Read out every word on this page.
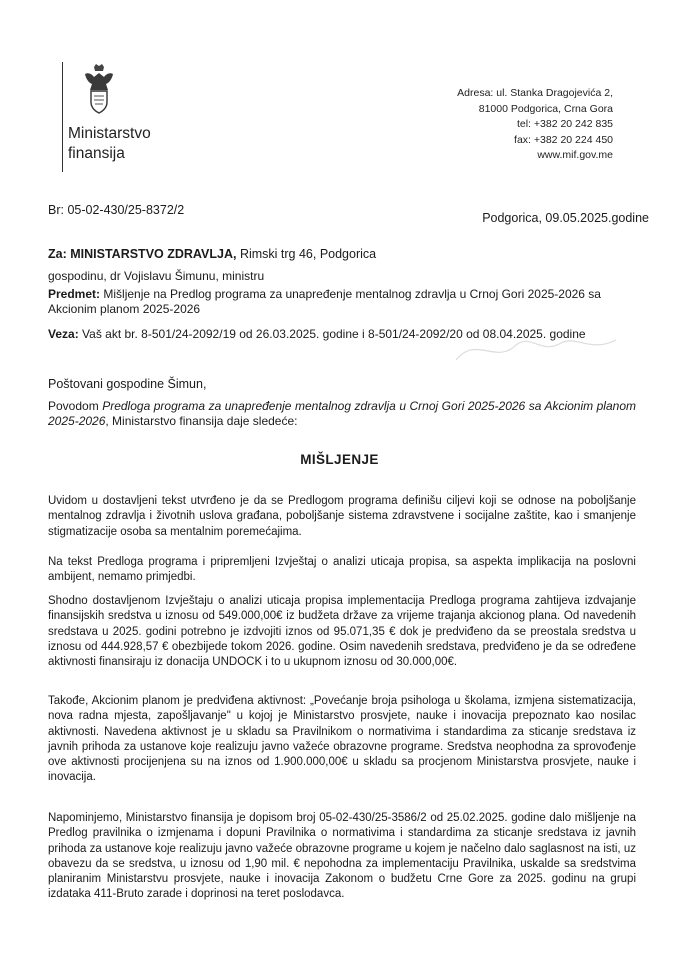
Ministarstvo
finansija
Adresa: ul. Stanka Dragojevića 2,
81000 Podgorica, Crna Gora
tel: +382 20 242 835
fax: +382 20 224 450
www.mif.gov.me
Br: 05-02-430/25-8372/2
Podgorica, 09.05.2025.godine
Za: MINISTARSTVO ZDRAVLJA, Rimski trg 46, Podgorica
gospodinu, dr Vojislavu Šimunu, ministru
Predmet: Mišljenje na Predlog programa za unapređenje mentalnog zdravlja u Crnoj Gori 2025-2026 sa Akcionim planom 2025-2026
Veza: Vaš akt br. 8-501/24-2092/19 od 26.03.2025. godine i 8-501/24-2092/20 od 08.04.2025. godine
Poštovani gospodine Šimun,
Povodom Predloga programa za unapređenje mentalnog zdravlja u Crnoj Gori 2025-2026 sa Akcionim planom 2025-2026, Ministarstvo finansija daje sledeće:
MIŠLJENJE
Uvidom u dostavljeni tekst utvrđeno je da se Predlogom programa definišu ciljevi koji se odnose na poboljšanje mentalnog zdravlja i životnih uslova građana, poboljšanje sistema zdravstvene i socijalne zaštite, kao i smanjenje stigmatizacije osoba sa mentalnim poremećajima.
Na tekst Predloga programa i pripremljeni Izvještaj o analizi uticaja propisa, sa aspekta implikacija na poslovni ambijent, nemamo primjedbi.
Shodno dostavljenom Izvještaju o analizi uticaja propisa implementacija Predloga programa zahtijeva izdvajanje finansijskih sredstva u iznosu od 549.000,00€ iz budžeta države za vrijeme trajanja akcionog plana. Od navedenih sredstava u 2025. godini potrebno je izdvojiti iznos od 95.071,35 € dok je predviđeno da se preostala sredstva u iznosu od 444.928,57 € obezbijede tokom 2026. godine. Osim navedenih sredstava, predviđeno je da se određene aktivnosti finansiraju iz donacija UNDOCK i to u ukupnom iznosu od 30.000,00€.
Takođe, Akcionim planom je predviđena aktivnost: „Povećanje broja psihologa u školama, izmjena sistematizacija, nova radna mjesta, zapošljavanje" u kojoj je Ministarstvo prosvjete, nauke i inovacija prepoznato kao nosilac aktivnosti. Navedena aktivnost je u skladu sa Pravilnikom o normativima i standardima za sticanje sredstava iz javnih prihoda za ustanove koje realizuju javno važeće obrazovne programe. Sredstva neophodna za sprovođenje ove aktivnosti procijenjena su na iznos od 1.900.000,00€ u skladu sa procjenom Ministarstva prosvjete, nauke i inovacija.
Napominjemo, Ministarstvo finansija je dopisom broj 05-02-430/25-3586/2 od 25.02.2025. godine dalo mišljenje na Predlog pravilnika o izmjenama i dopuni Pravilnika o normativima i standardima za sticanje sredstava iz javnih prihoda za ustanove koje realizuju javno važeće obrazovne programe u kojem je načelno dalo saglasnost na isti, uz obavezu da se sredstva, u iznosu od 1,90 mil. € nepohodna za implementaciju Pravilnika, uskalde sa sredstvima planiranim Ministarstvu prosvjete, nauke i inovacija Zakonom o budžetu Crne Gore za 2025. godinu na grupi izdataka 411-Bruto zarade i doprinosi na teret poslodavca.
